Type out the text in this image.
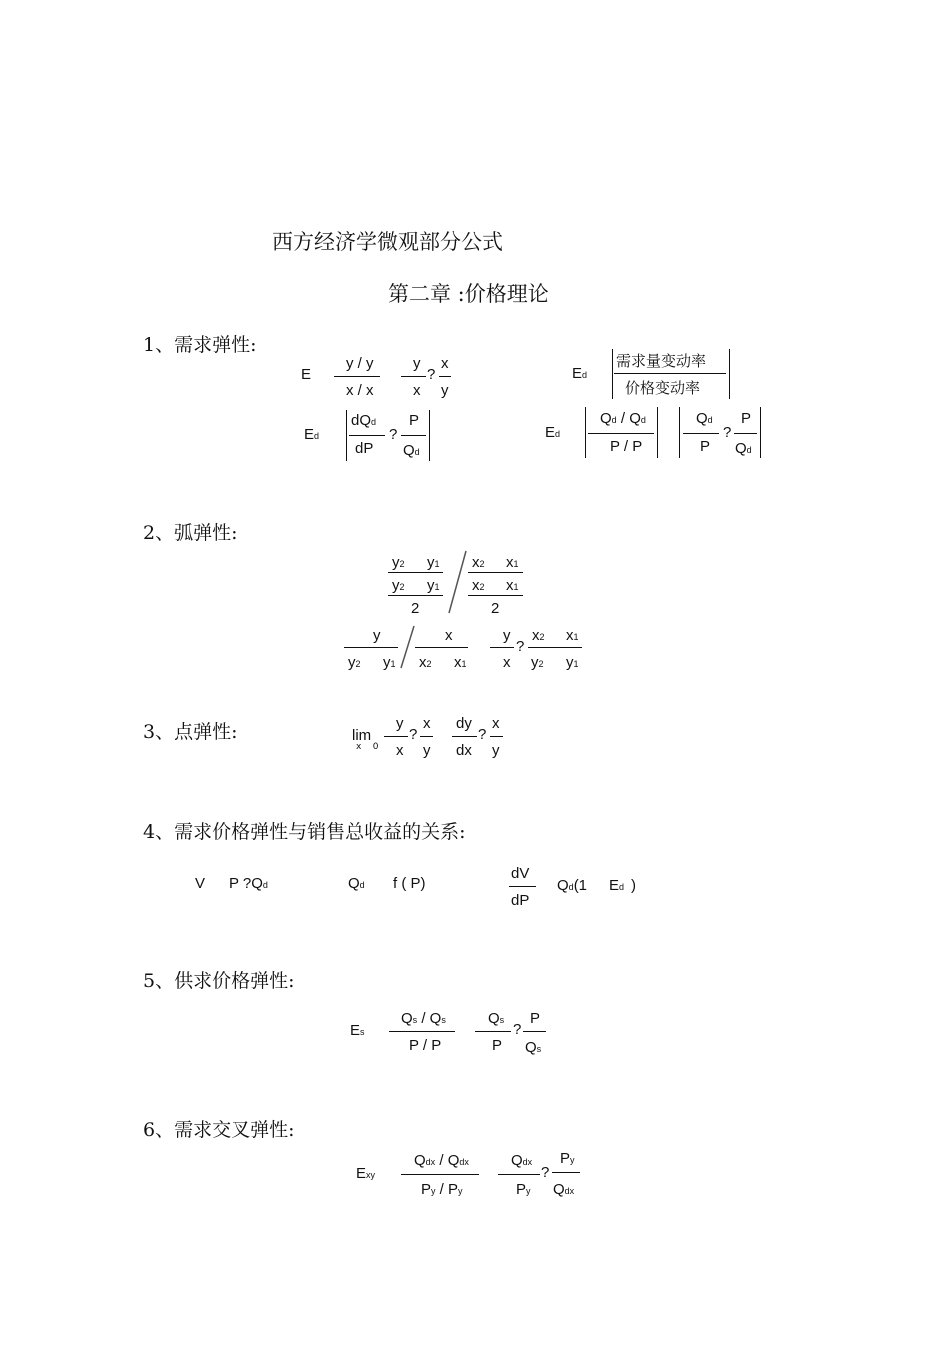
西方经济学微观部分公式
第二章 :价格理论
1、需求弹性:
2、弧弹性:
3、点弹性:
4、需求价格弹性与销售总收益的关系:
5、供求价格弹性:
6、需求交叉弹性:
E
y / y
x / x
y
x
?
x
y
Ed
需求量变动率
价格变动率
Ed
dQd
dP
?
P
Qd
Ed
Qd / Qd
P / P
Qd
P
?
P
Qd
y2 y1
y2 y1
2
x2 x1
x2 x1
2
y
y2 y1
x
x2 x1
y
x
?
x2 x1
y2 y1
lim
x    0
y
x
?
x
y
dy
dx
?
x
y
V P ?Qd	Qd f ( P)
dV
dP
Qd(1 Ed )
Es
Qs / Qs
P / P
Qs
P
?
P
Qs
Exy
Qdx / Qdx
Py / Py
Qdx
Py
?
Py
Qdx
